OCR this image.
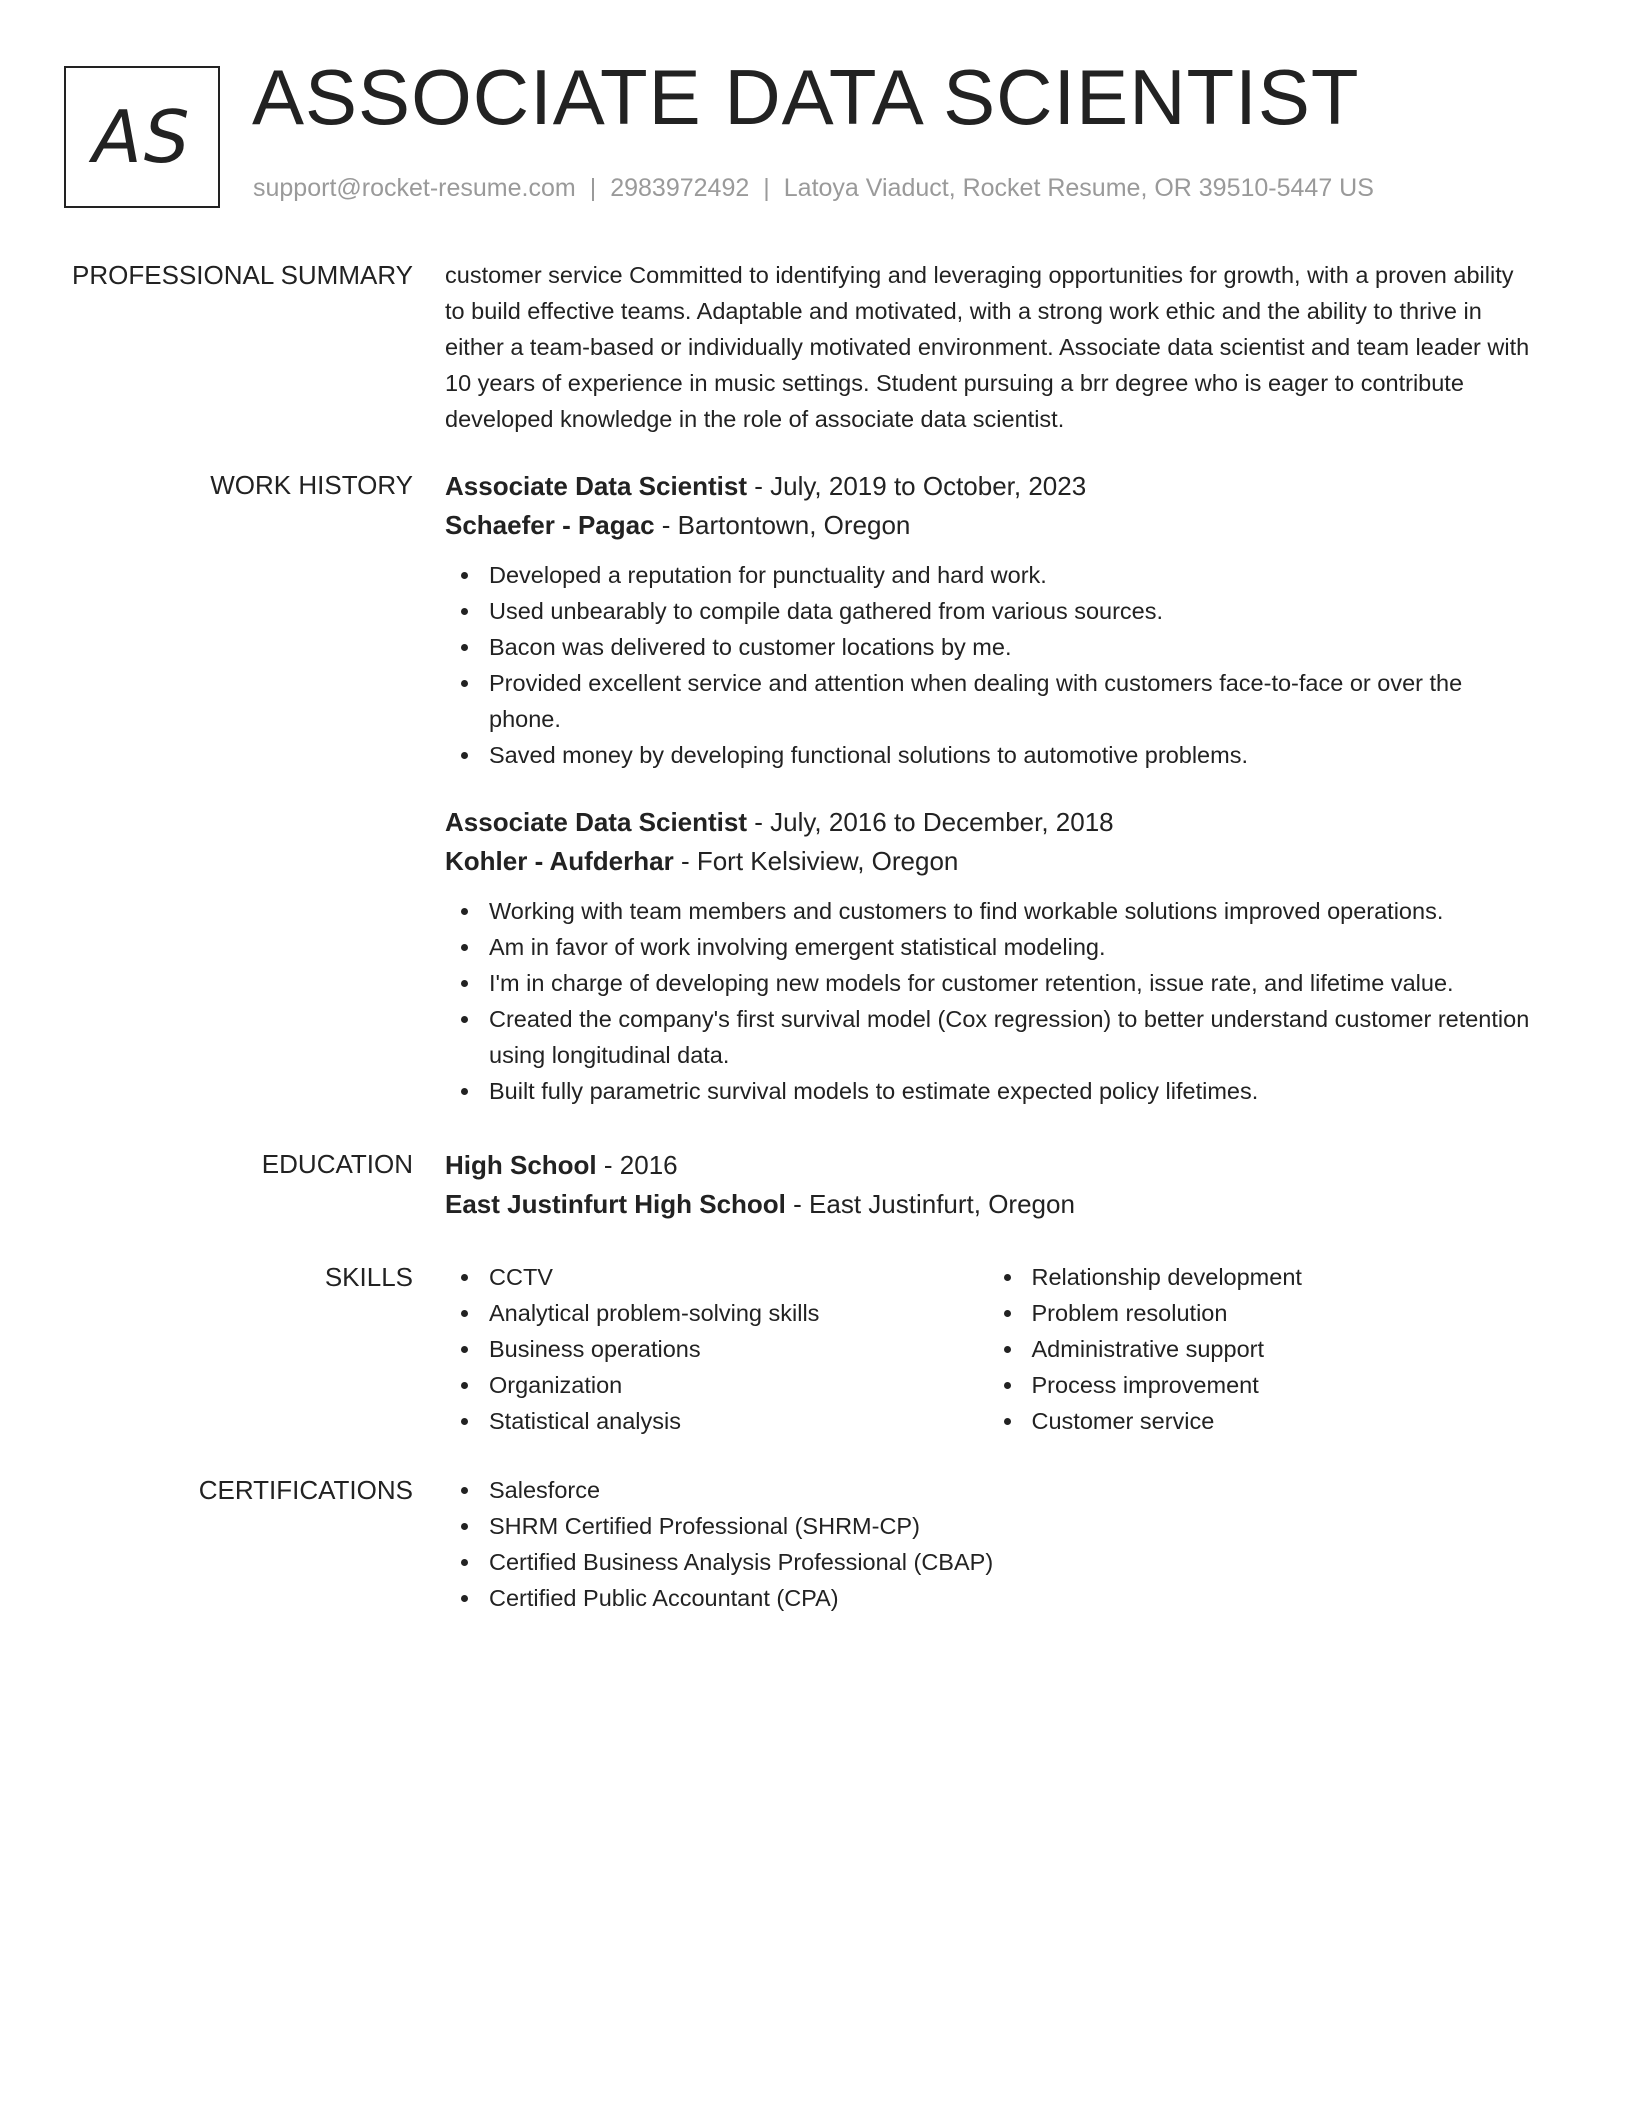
AS ASSOCIATE DATA SCIENTIST
support@rocket-resume.com | 2983972492 | Latoya Viaduct, Rocket Resume, OR 39510-5447 US
PROFESSIONAL SUMMARY customer service Committed to identifying and leveraging opportunities for growth, with a proven ability to build effective teams. Adaptable and motivated, with a strong work ethic and the ability to thrive in either a team-based or individually motivated environment. Associate data scientist and team leader with 10 years of experience in music settings. Student pursuing a brr degree who is eager to contribute developed knowledge in the role of associate data scientist.
WORK HISTORY Associate Data Scientist - July, 2019 to October, 2023
Schaefer - Pagac - Bartontown, Oregon
Developed a reputation for punctuality and hard work.
Used unbearably to compile data gathered from various sources.
Bacon was delivered to customer locations by me.
Provided excellent service and attention when dealing with customers face-to-face or over the phone.
Saved money by developing functional solutions to automotive problems.
Associate Data Scientist - July, 2016 to December, 2018
Kohler - Aufderhar - Fort Kelsiview, Oregon
Working with team members and customers to find workable solutions improved operations.
Am in favor of work involving emergent statistical modeling.
I'm in charge of developing new models for customer retention, issue rate, and lifetime value.
Created the company's first survival model (Cox regression) to better understand customer retention using longitudinal data.
Built fully parametric survival models to estimate expected policy lifetimes.
EDUCATION High School - 2016
East Justinfurt High School - East Justinfurt, Oregon
SKILLS	CCTV
Analytical problem-solving skills
Business operations
Organization
Statistical analysis
Relationship development
Problem resolution
Administrative support
Process improvement
Customer service
CERTIFICATIONS	Salesforce
SHRM Certified Professional (SHRM-CP)
Certified Business Analysis Professional (CBAP)
Certified Public Accountant (CPA)
